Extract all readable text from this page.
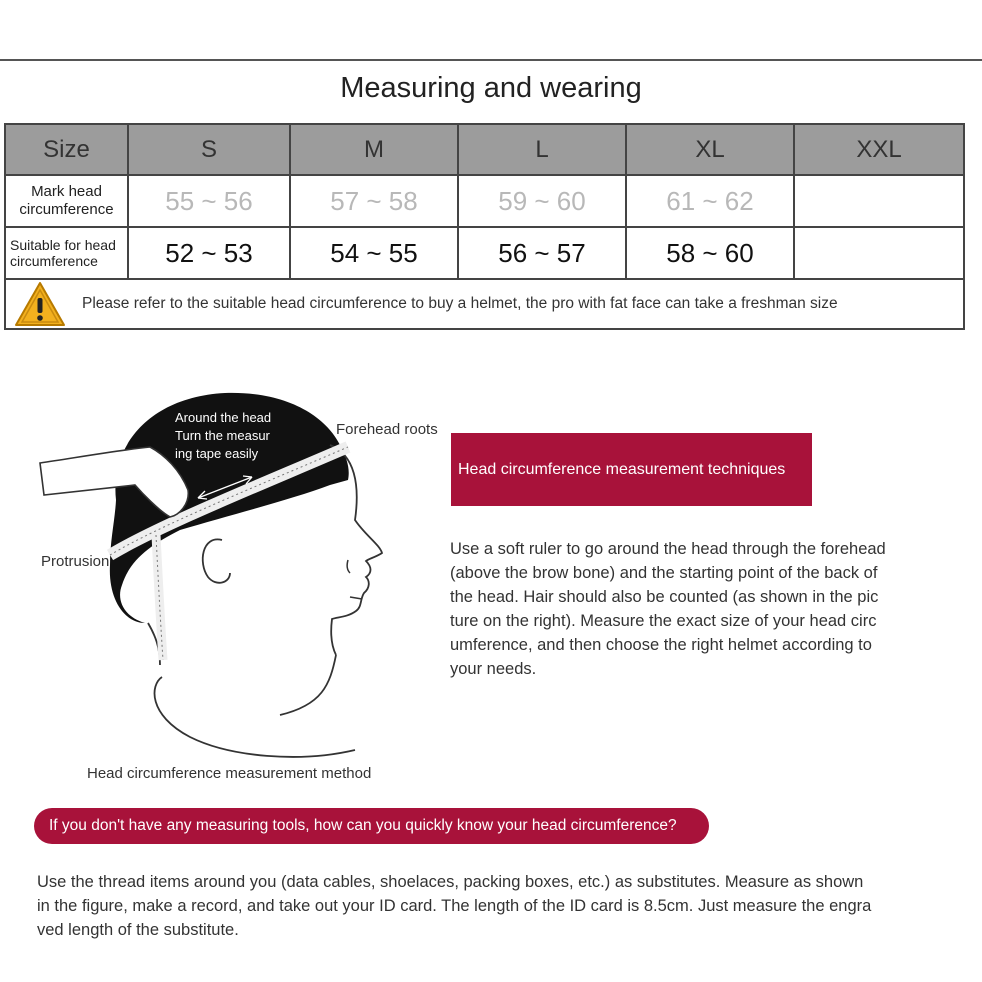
Measuring and wearing
Size	S	M	L	XL	XXL
Mark head circumference	55 ~ 56	57 ~ 58	59 ~ 60	61 ~ 62	
Suitable for head circumference	52 ~ 53	54 ~ 55	56 ~ 57	58 ~ 60	

Please refer to the suitable head circumference to buy a helmet, the pro with fat face can take a freshman size					
Around the head
Turn the measur
ing tape easily
Forehead roots
Protrusion
Head circumference measurement method
Head circumference measurement techniques
Use a soft ruler to go around the head through the forehead
(above the brow bone) and the starting point of the back of
the head. Hair should also be counted (as shown in the pic
ture on the right). Measure the exact size of your head circ
umference, and then choose the right helmet according to
your needs.
If you don't have any measuring tools, how can you quickly know your head circumference?
Use the thread items around you (data cables, shoelaces, packing boxes, etc.) as substitutes. Measure as shown
in the figure, make a record, and take out your ID card. The length of the ID card is 8.5cm. Just measure the engra
ved length of the substitute.
